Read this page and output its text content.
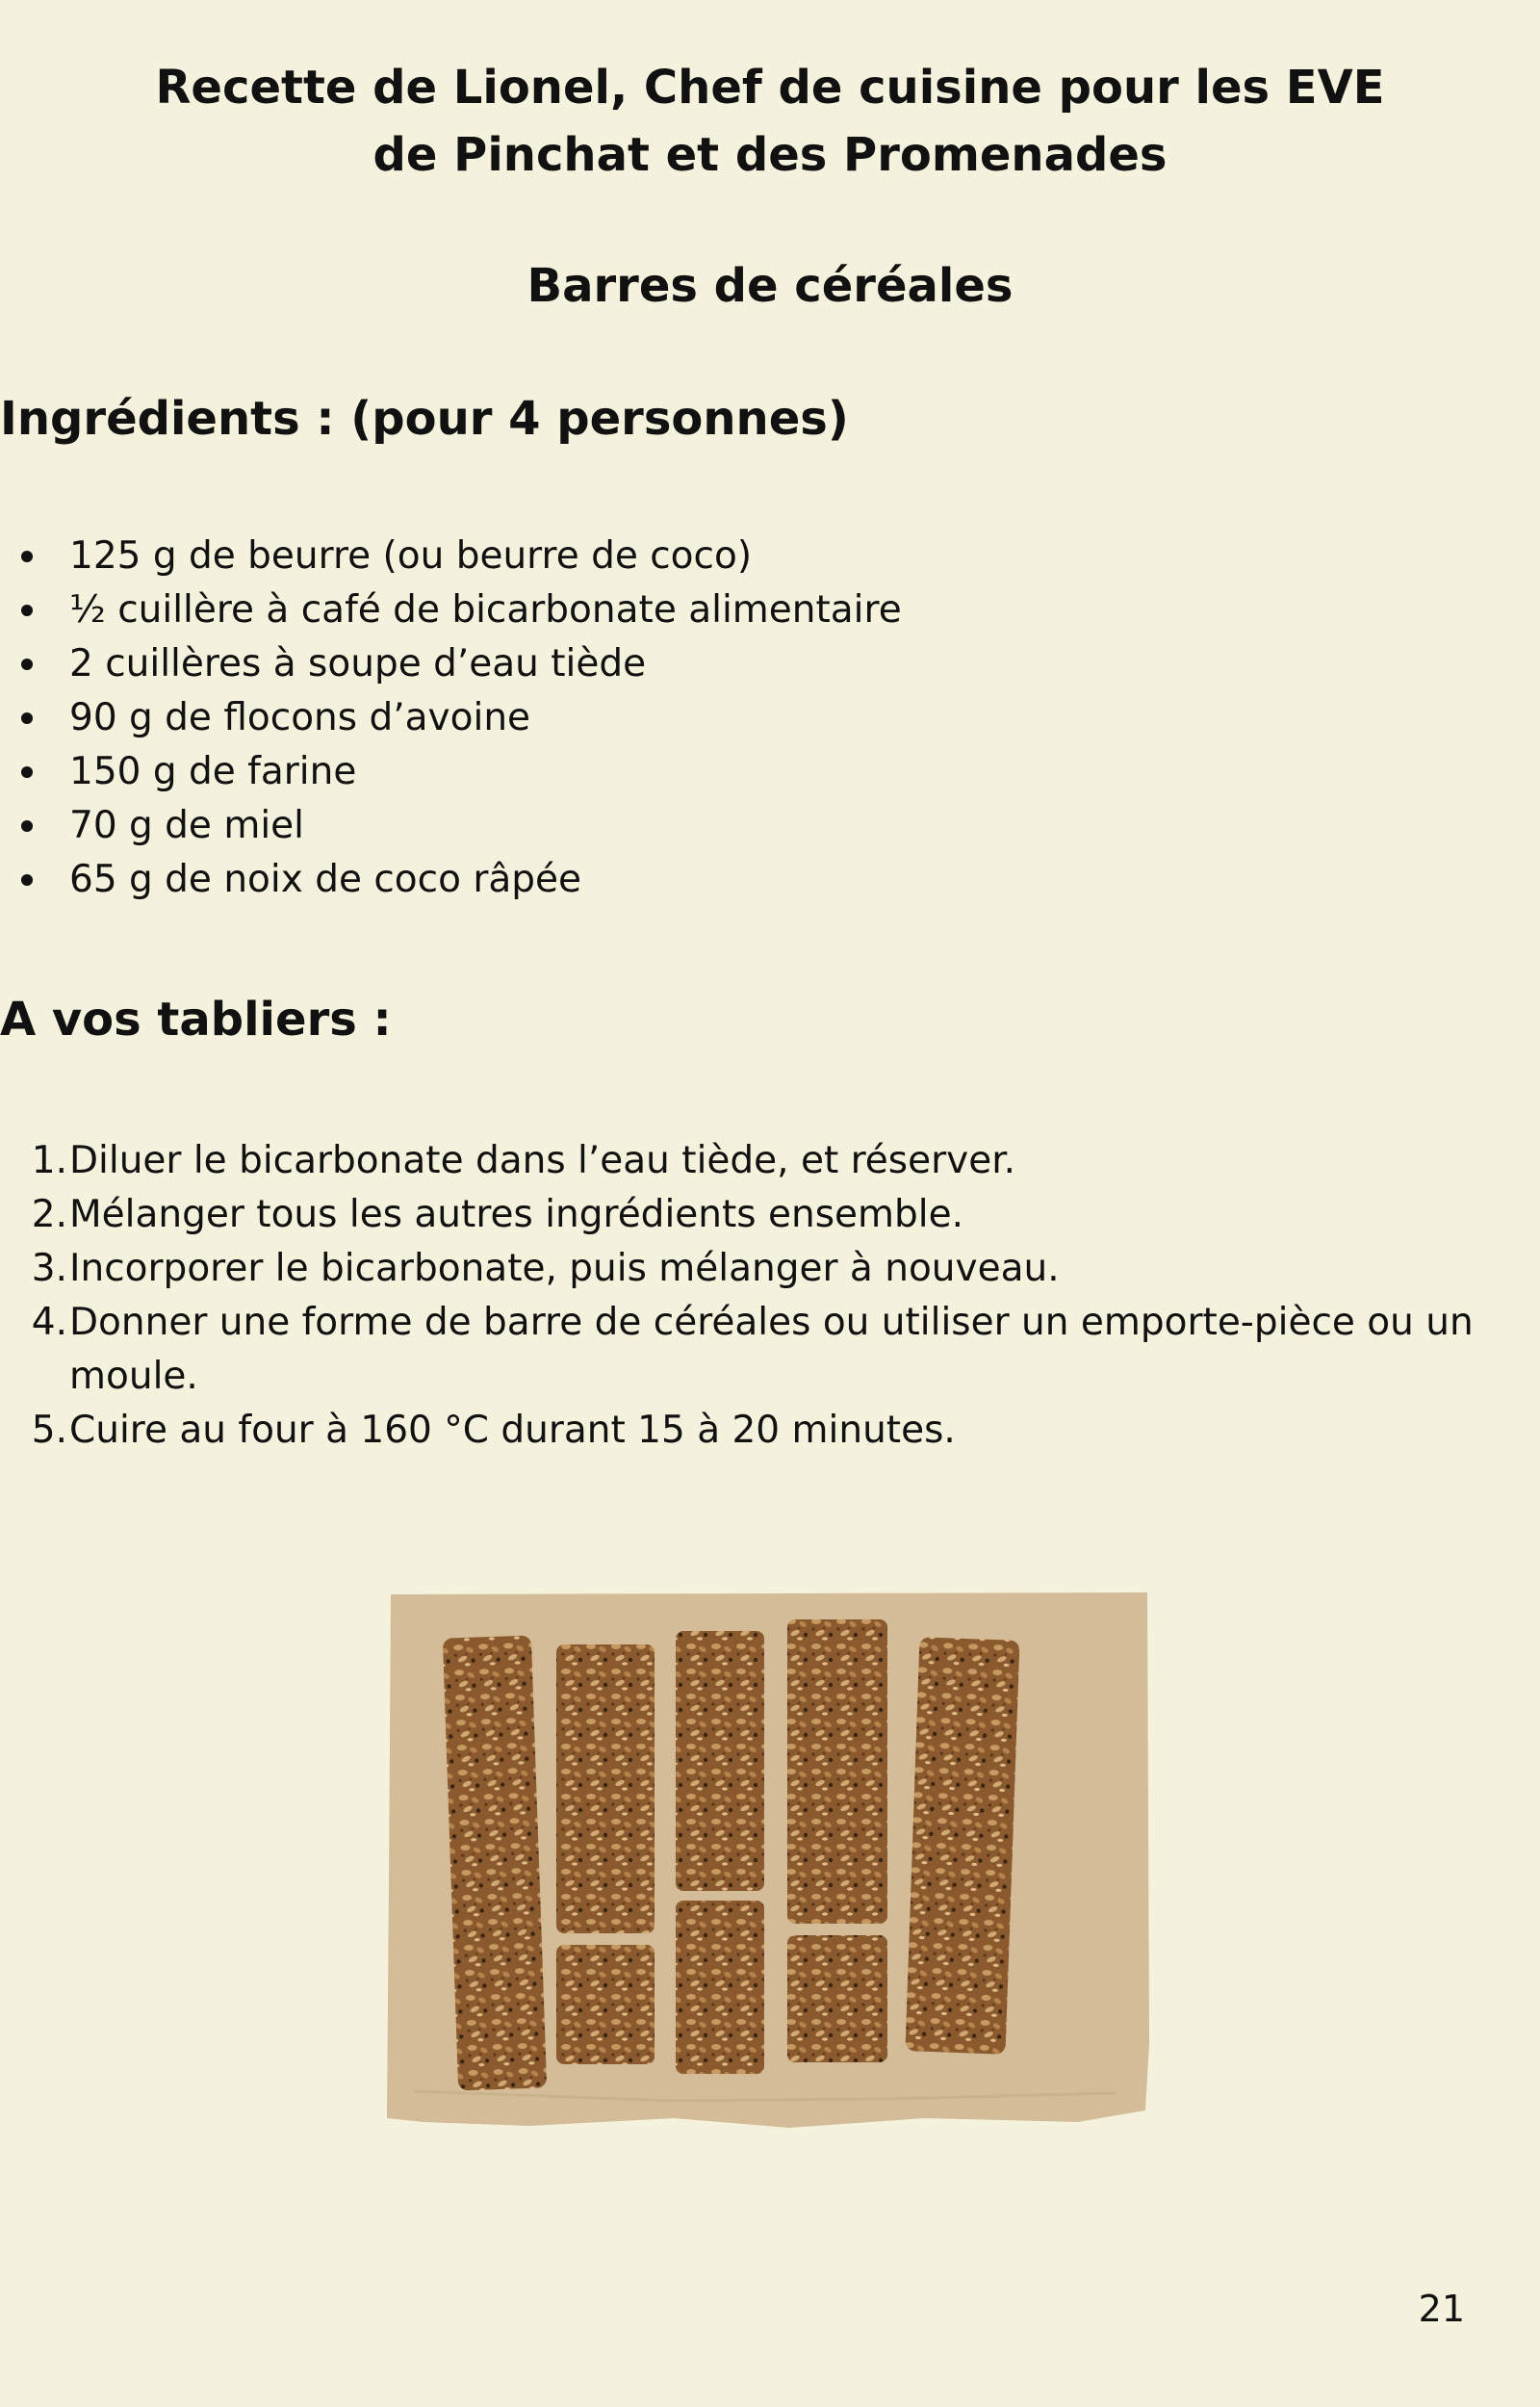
Recette de Lionel, Chef de cuisine pour les EVE
de Pinchat et des Promenades
Barres de céréales
Ingrédients : (pour 4 personnes)
125 g de beurre (ou beurre de coco)
½ cuillère à café de bicarbonate alimentaire
2 cuillères à soupe d’eau tiède
90 g de flocons d’avoine
150 g de farine
70 g de miel
65 g de noix de coco râpée
A vos tabliers :
1. Diluer le bicarbonate dans l’eau tiède, et réserver.
2. Mélanger tous les autres ingrédients ensemble.
3. Incorporer le bicarbonate, puis mélanger à nouveau.
4. Donner une forme de barre de céréales ou utiliser un emporte-pièce ou un moule.
5. Cuire au four à 160 °C durant 15 à 20 minutes.
21
